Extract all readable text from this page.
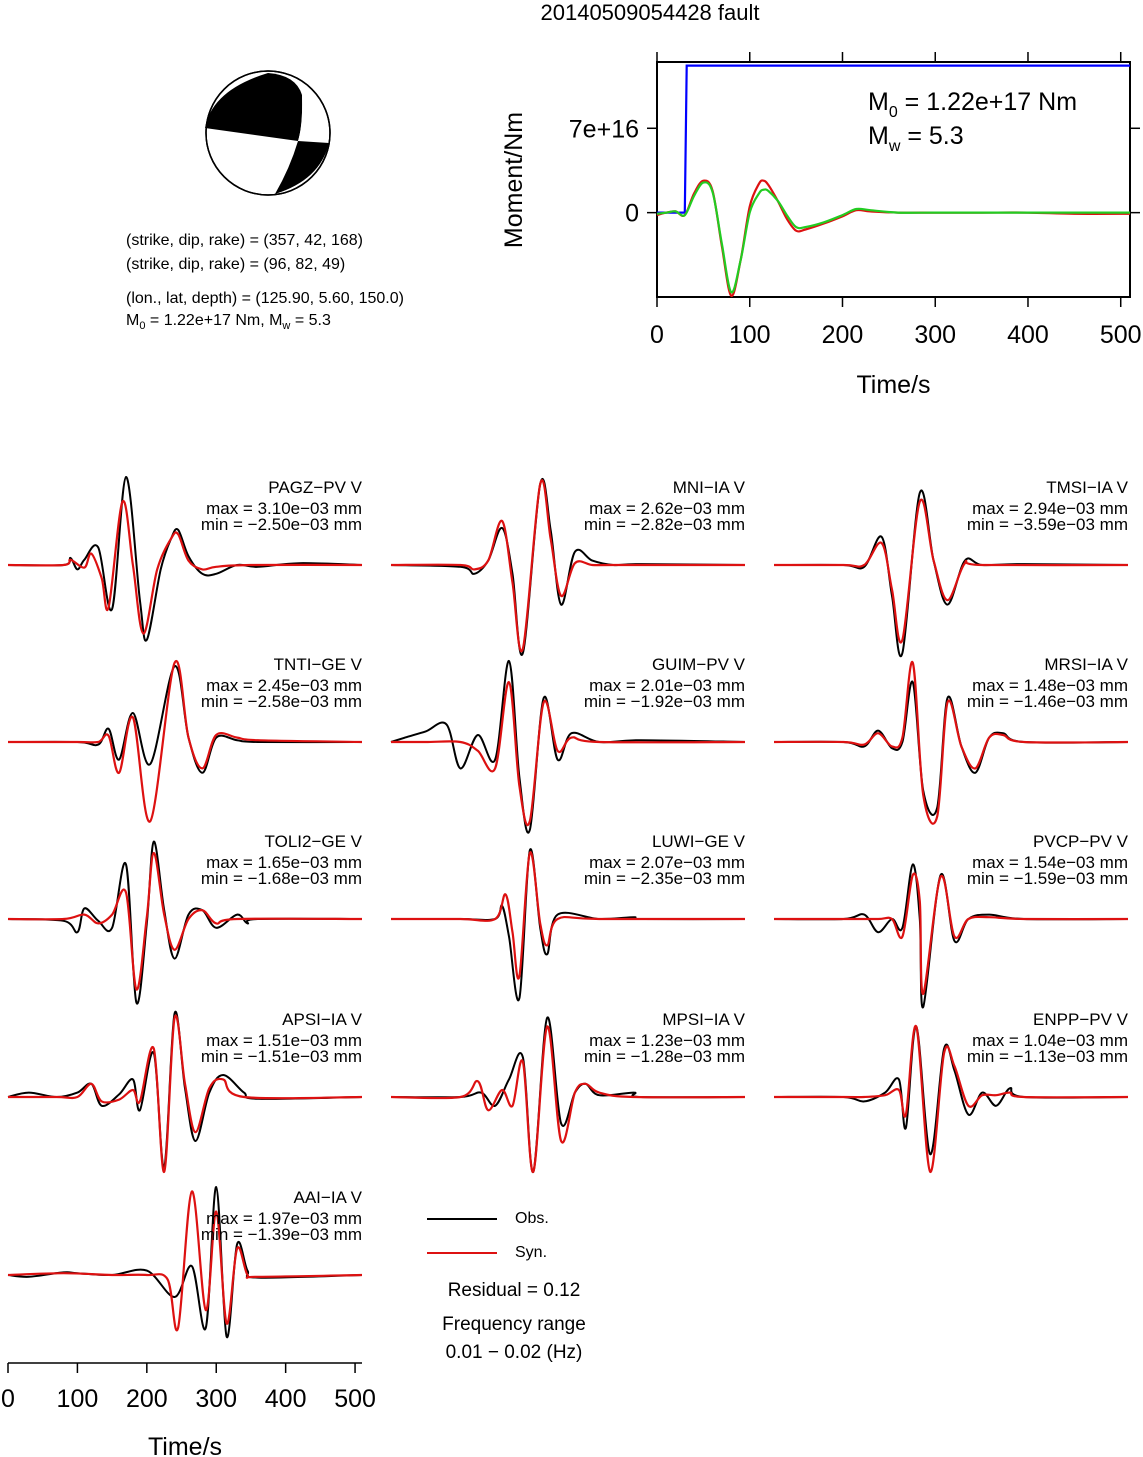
20140509054428 fault
0
7e+16
0	100 200 300 400 500
Time/s
Moment/Nm
$M_0 = 1.22e+17$ Nm
$M_w = 5.3$
PAGZ−PV V
max = 3.10e−03 mm
min = −2.50e−03 mm
MNI−IA V
max = 2.62e−03 mm
min = −2.82e−03 mm
TMSI−IA V
max = 2.94e−03 mm
min = −3.59e−03 mm
TNTI−GE V
max = 2.45e−03 mm
min = −2.58e−03 mm
GUIM−PV V
max = 2.01e−03 mm
min = −1.92e−03 mm
MRSI−IA V
max = 1.48e−03 mm
min = −1.46e−03 mm
TOLI2−GE V
max = 1.65e−03 mm
min = −1.68e−03 mm
LUWI−GE V
max = 2.07e−03 mm
min = −2.35e−03 mm
PVCP−PV V
max = 1.54e−03 mm
min = −1.59e−03 mm
APSI−IA V
max = 1.51e−03 mm
min = −1.51e−03 mm
MPSI−IA V
max = 1.23e−03 mm
min = −1.28e−03 mm
ENPP−PV V
max = 1.04e−03 mm
min = −1.13e−03 mm
AAI−IA V
max = 1.97e−03 mm
min = −1.39e−03 mm
0 100 200 300 400 500
Time/s
(strike, dip, rake) = (357, 42, 168)
(strike, dip, rake) = (96, 82, 49)
(lon., lat, depth) = (125.90, 5.60, 150.0)
$M_0 = 1.22e+17$ Nm, $M_w = 5.3$
Obs.
Syn.
Residual = 0.12
Frequency range
0.01 − 0.02 (Hz)
